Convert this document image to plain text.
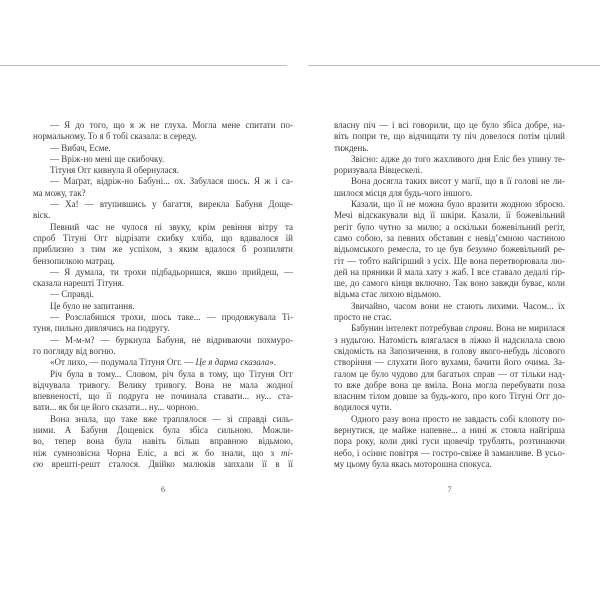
— Я до того, що я ж не глуха. Могла мене спитати по-
нормальному. То я б тобі сказала: в середу.
— Вибач, Есме.
— Вріж-но мені ще скибочку.
Тітуня Огг кивнула й обернулася.
— Маґрат, відріж-но Бабуні... ох. Забулася шось. Я ж і са-
ма можу, так?
— Ха! — втупившись у багаття, вирекла Бабуня Доще-
віск.
Певний час не чулося ні звуку, крім ревіння вітру та
спроб Тітуні Огг відрізати скибку хліба, що вдавалося їй
приблизно з тим же успіхом, з яким вдалося б розпиляти
бензопилкою матрац.
— Я думала, ти трохи підбадьоришся, якшо прийдеш, —
сказала нарешті Тітуня.
— Справді.
Це було не запитання.
— Розслабишся трохи, шось таке... — продовжувала Ті-
туня, пильно дивлячись на подругу.
— М-м-м? — буркнула Бабуня, не відриваючи похмуро-
го погляду від вогню.
«От лихо, — подумала Тітуня Огг. — Це я дарма сказала».
Річ була в тому... Словом, річ була в тому, що Тітуня Огг
відчувала тривогу. Велику тривогу. Вона не мала жодної
впевненості, що її подруга не починала ставати... ну... ста-
вати... як би це його сказати... ну... чорною.
Вона знала, що таке вже траплялося — зі справді силь-
ними. А Бабуня Дощевіск була збіса сильною. Можли-
во, тепер вона була навіть більш вправною відьмою,
ніж сумнозвісна Чорна Еліс, а всі ж бо знали, що з ті-
єю врешті-решт сталося. Двійко малюків запхали її в її
власну піч — і всі говорили, що це було збіса добре, на-
віть попри те, що відчищати ту піч довелося потім цілий
тиждень.
Звісно: адже до того жахливого дня Еліс без упину те-
роризувала Вівцескелі.
Вона досягла таких висот у магії, що в її голові не ли-
шилося місця для будь-чого іншого.
Казали, що її не можна було вразити жодною зброєю.
Мечі відскакували від її шкіри. Казали, її божевільний
регіт було чутно за милю; а оскільки божевільний регіт,
само собою, за певних обставин є невід’ємною частиною
відьомського ремесла, то це був безумно божевільний ре-
гіт — тобто найгірший з усіх. Ще вона перетворювала лю-
дей на пряники й мала хату з жаб. І все ставало дедалі гір-
ше, до самого кінця включно. Так воно завжди буває, коли
відьма стає лихою відьмою.
Звичайно, часом вони не стають лихими. Часом... їх
просто не стає.
Бабунин інтелект потребував справи. Вона не мирилася
з нудьгою. Натомість влягалася в ліжко й надсилала свою
свідомість на Запозичення, в голову якого-небудь лісового
створіння — слухати його вухами, бачити його очима. За-
галом це було чудово для багатьох справ — от тільки над-
то вже добре вона це вміла. Вона могла перебувати поза
власним тілом довше за будь-кого, про кого Тітуні Огг до-
водилося чути.
Одного разу вона просто не завдасть собі клопоту по-
вернутися, це майже напевне... а нині ж стояла найгірша
пора року, коли дикі гуси щовечір трублять, розтинаючи
небо, і осіннє повітря — гостро-свіже й заманливе. В усьо-
му цьому була якась моторошна спокуса.
6	7
